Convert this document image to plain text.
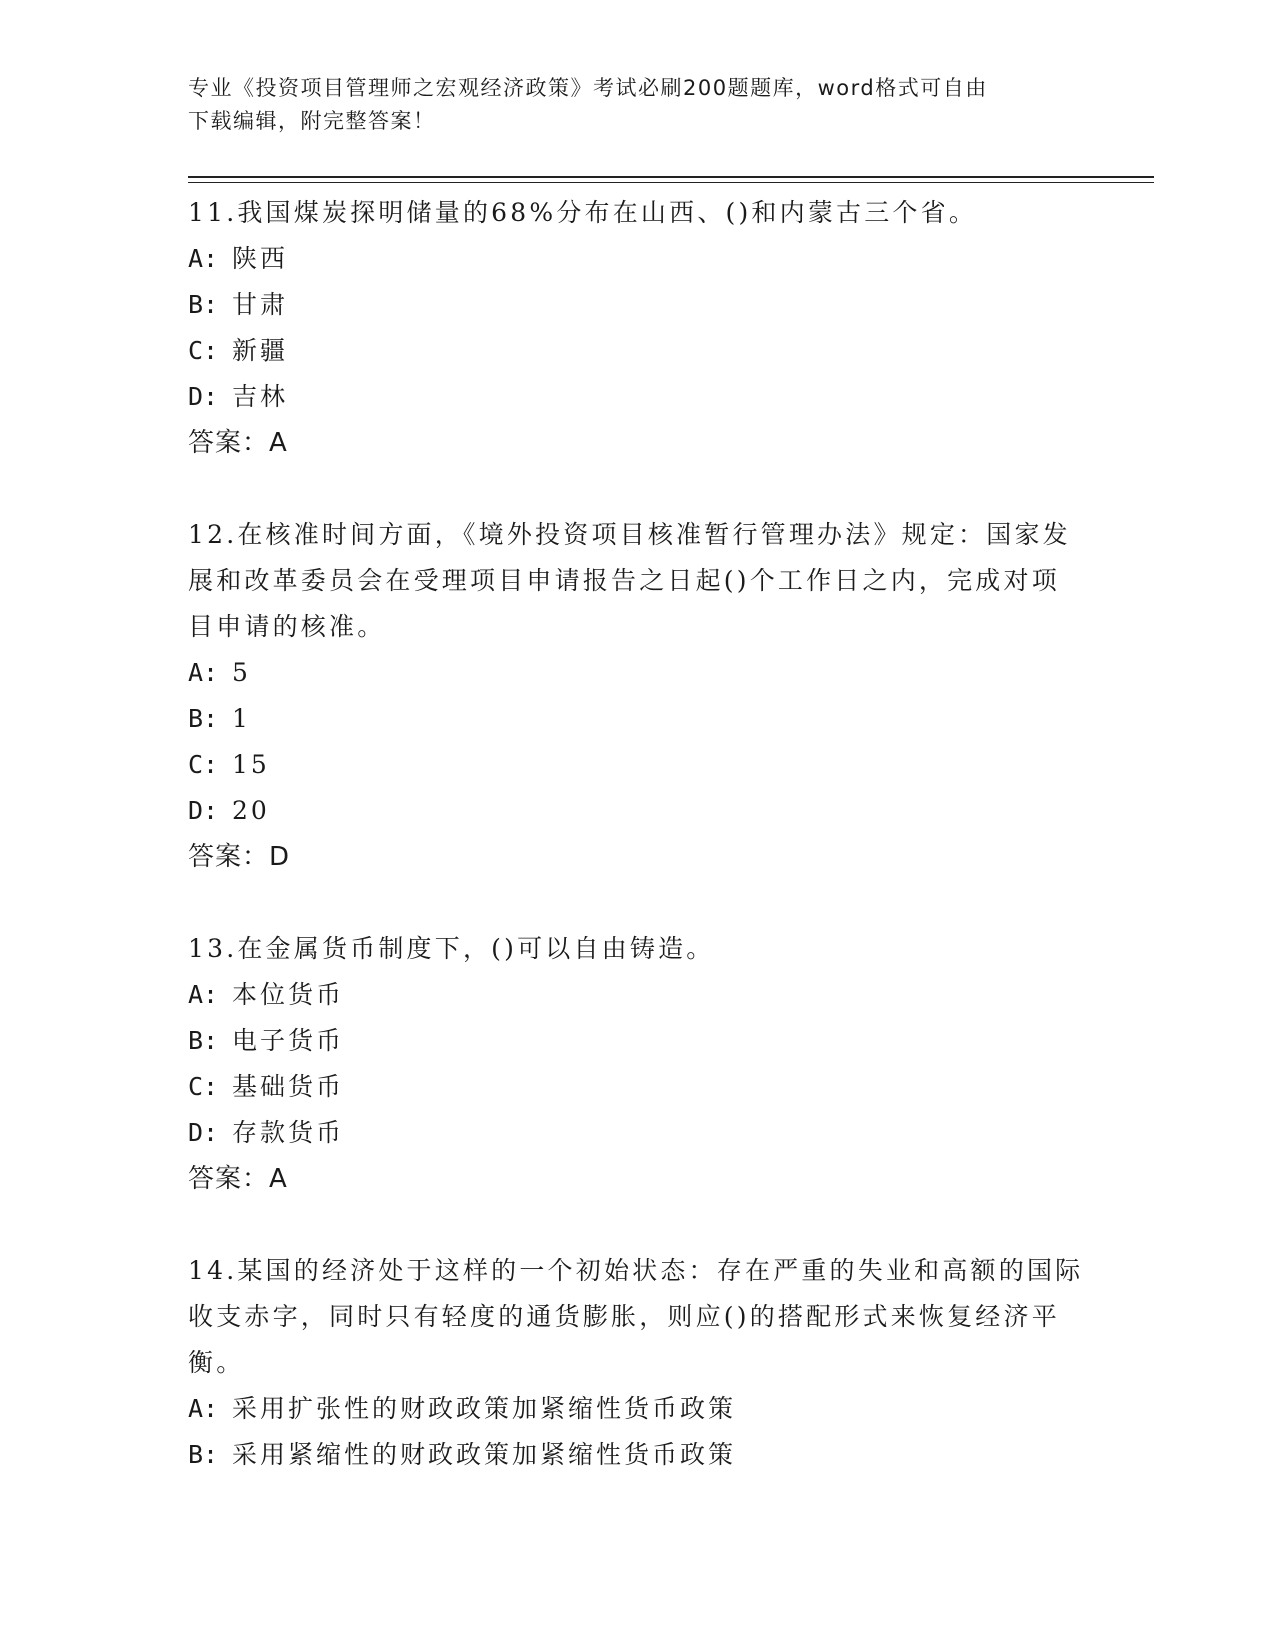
专业《投资项目管理师之宏观经济政策》考试必刷200题题库，word格式可自由
下载编辑，附完整答案！

11.我国煤炭探明储量的68%分布在山西、()和内蒙古三个省。

A: 陕西

B: 甘肃

C: 新疆

D: 吉林

答案：A

12.在核准时间方面，《境外投资项目核准暂行管理办法》规定：国家发展和改革委员会在受理项目申请报告之日起()个工作日之内，完成对项目申请的核准。

A: 5

B: 1

C: 15

D: 20

答案：D

13.在金属货币制度下，()可以自由铸造。

A: 本位货币

B: 电子货币

C: 基础货币

D: 存款货币

答案：A

14.某国的经济处于这样的一个初始状态：存在严重的失业和高额的国际收支赤字，同时只有轻度的通货膨胀，则应()的搭配形式来恢复经济平衡。

A: 采用扩张性的财政政策加紧缩性货币政策

B: 采用紧缩性的财政政策加紧缩性货币政策
